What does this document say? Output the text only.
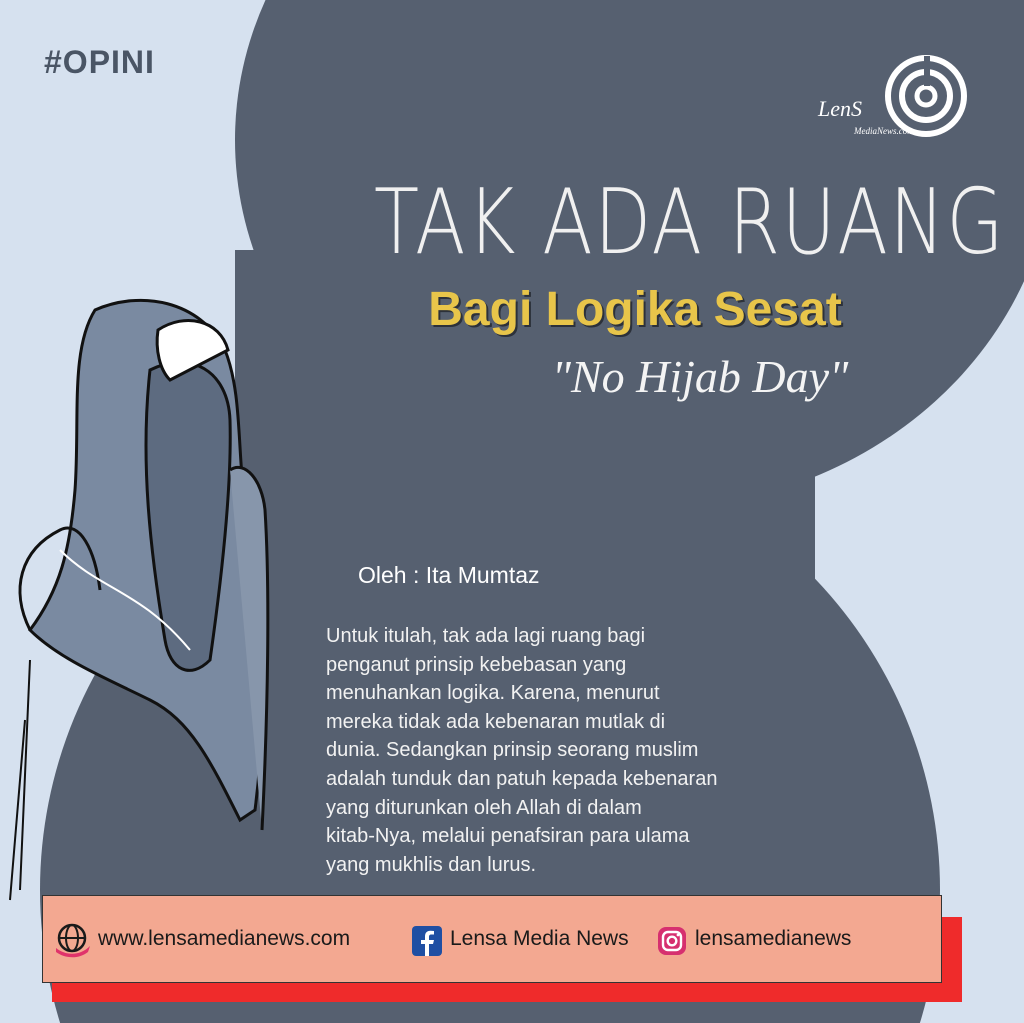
#OPINI
LenS
MediaNews.com
TAK ADA RUANG
Bagi Logika Sesat
"No Hijab Day"
Oleh : Ita Mumtaz
Untuk itulah, tak ada lagi ruang bagi
penganut prinsip kebebasan yang
menuhankan logika. Karena, menurut
mereka tidak ada kebenaran mutlak di
dunia. Sedangkan prinsip seorang muslim
adalah tunduk dan patuh kepada kebenaran
yang diturunkan oleh Allah di dalam
kitab-Nya, melalui penafsiran para ulama
yang mukhlis dan lurus.
www.lensamedianews.com	Lensa Media News	lensamedianews
